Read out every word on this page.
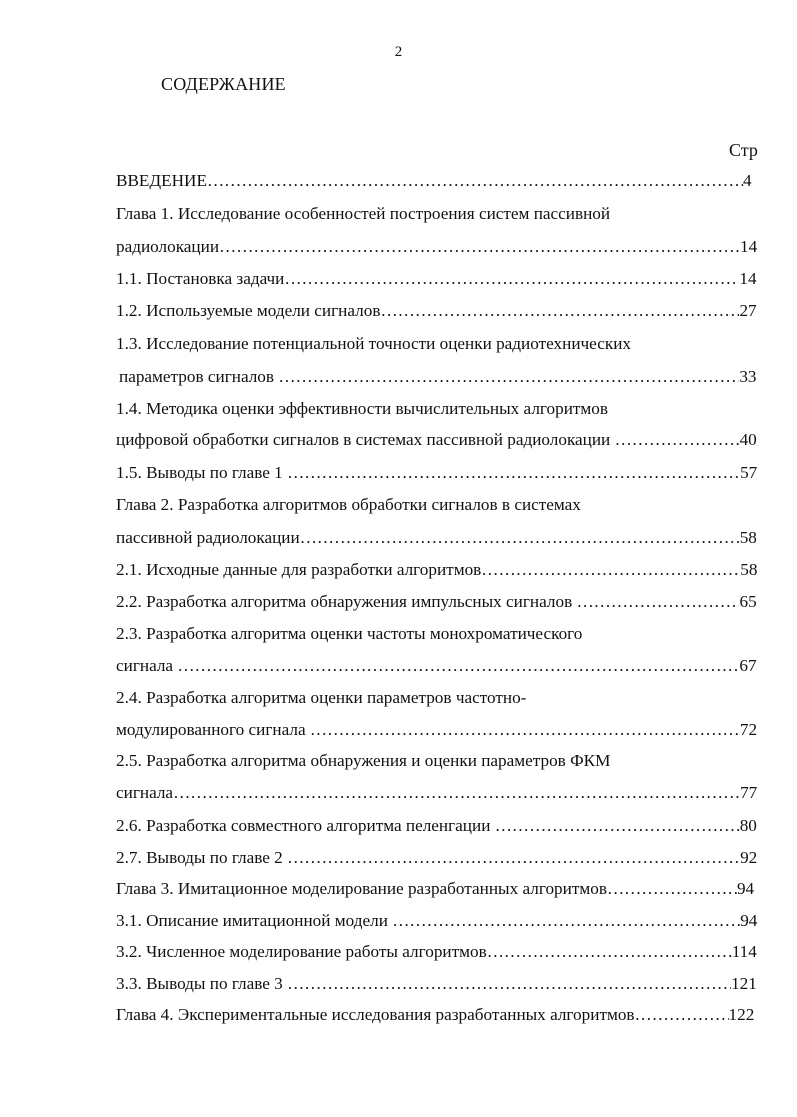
2
СОДЕРЖАНИЕ
Стр
ВВЕДЕНИЕ ………………………………………………………………………………………………………………………………………………………………………………	4
Глава 1. Исследование особенностей построения систем пассивной
радиолокации ………………………………………………………………………………………………………………………………………………………………………………	14
1.1. Постановка задачи ………………………………………………………………………………………………………………………………………………………………………………	14
1.2. Используемые модели сигналов ………………………………………………………………………………………………………………………………………………………………………………	27
1.3. Исследование потенциальной точности оценки радиотехнических
параметров сигналов ………………………………………………………………………………………………………………………………………………………………………………	33
1.4. Методика оценки эффективности вычислительных алгоритмов
цифровой обработки сигналов в системах пассивной радиолокации ………………………………………………………………………………………………………………………………………………………………………………	40
1.5. Выводы по главе 1 ………………………………………………………………………………………………………………………………………………………………………………	57
Глава 2. Разработка алгоритмов обработки сигналов в системах
пассивной радиолокации ………………………………………………………………………………………………………………………………………………………………………………	58
2.1. Исходные данные для разработки алгоритмов ………………………………………………………………………………………………………………………………………………………………………………	58
2.2. Разработка алгоритма обнаружения импульсных сигналов ………………………………………………………………………………………………………………………………………………………………………………	65
2.3. Разработка алгоритма оценки частоты монохроматического
сигнала ………………………………………………………………………………………………………………………………………………………………………………	67
2.4. Разработка алгоритма оценки параметров частотно-
модулированного сигнала ………………………………………………………………………………………………………………………………………………………………………………	72
2.5. Разработка алгоритма обнаружения и оценки параметров ФКМ
сигнала ………………………………………………………………………………………………………………………………………………………………………………	77
2.6. Разработка совместного алгоритма пеленгации ………………………………………………………………………………………………………………………………………………………………………………	80
2.7. Выводы по главе 2 ………………………………………………………………………………………………………………………………………………………………………………	92
Глава 3. Имитационное моделирование разработанных алгоритмов ………………………………………………………………………………………………………………………………………………………………………………	94
3.1. Описание имитационной модели ………………………………………………………………………………………………………………………………………………………………………………	94
3.2. Численное моделирование работы алгоритмов ………………………………………………………………………………………………………………………………………………………………………………	114
3.3. Выводы по главе 3 ………………………………………………………………………………………………………………………………………………………………………………	121
Глава 4. Экспериментальные исследования разработанных алгоритмов ………………………………………………………………………………………………………………………………………………………………………………	122
